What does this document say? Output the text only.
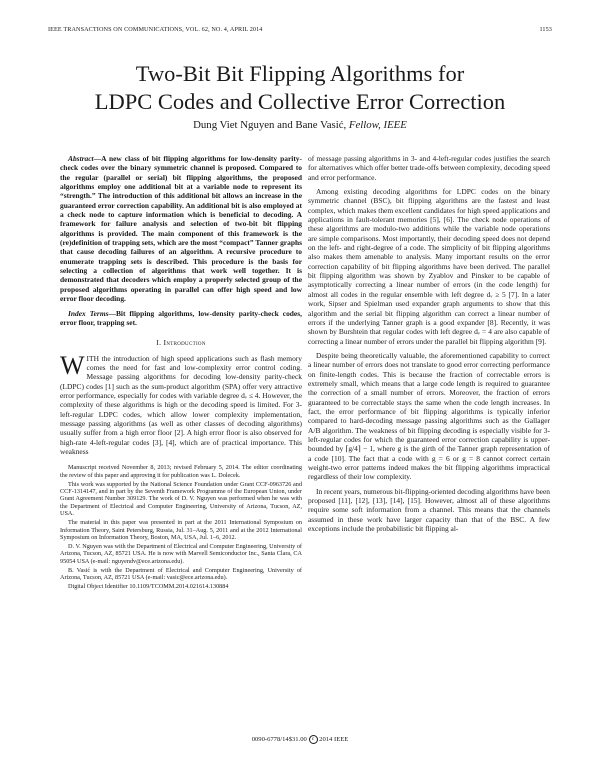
IEEE TRANSACTIONS ON COMMUNICATIONS, VOL. 62, NO. 4, APRIL 2014	1153
Two-Bit Bit Flipping Algorithms for
LDPC Codes and Collective Error Correction
Dung Viet Nguyen and Bane Vasić, Fellow, IEEE

Abstract—A new class of bit flipping algorithms for low-density parity-check codes over the binary symmetric channel is proposed. Compared to the regular (parallel or serial) bit flipping algorithms, the proposed algorithms employ one additional bit at a variable node to represent its “strength.” The introduction of this additional bit allows an increase in the guaranteed error correction capability. An additional bit is also employed at a check node to capture information which is beneficial to decoding. A framework for failure analysis and selection of two-bit bit flipping algorithms is provided. The main component of this framework is the (re)definition of trapping sets, which are the most “compact” Tanner graphs that cause decoding failures of an algorithm. A recursive procedure to enumerate trapping sets is described. This procedure is the basis for selecting a collection of algorithms that work well together. It is demonstrated that decoders which employ a properly selected group of the proposed algorithms operating in parallel can offer high speed and low error floor decoding.

Index Terms—Bit flipping algorithms, low-density parity-check codes, error floor, trapping set.

I. Introduction

WITH the introduction of high speed applications such as flash memory comes the need for fast and low-complexity error control coding. Message passing algorithms for decoding low-density parity-check (LDPC) codes [1] such as the sum-product algorithm (SPA) offer very attractive error performance, especially for codes with variable degree dᵥ ≤ 4. However, the complexity of these algorithms is high or the decoding speed is limited. For 3-left-regular LDPC codes, which allow lower complexity implementation, message passing algorithms (as well as other classes of decoding algorithms) usually suffer from a high error floor [2]. A high error floor is also observed for high-rate 4-left-regular codes [3], [4], which are of practical importance. This weakness

Manuscript received November 8, 2013; revised February 5, 2014. The editor coordinating the review of this paper and approving it for publication was L. Dolecek.

This work was supported by the National Science Foundation under Grant CCF-0963726 and CCF-1314147, and in part by the Seventh Framework Programme of the European Union, under Grant Agreement Number 309129. The work of D. V. Nguyen was performed when he was with the Department of Electrical and Computer Engineering, University of Arizona, Tucson, AZ, USA.

The material in this paper was presented in part at the 2011 International Symposium on Information Theory, Saint Petersburg, Russia, Jul. 31–Aug. 5, 2011 and at the 2012 International Symposium on Information Theory, Boston, MA, USA, Jul. 1–6, 2012.

D. V. Nguyen was with the Department of Electrical and Computer Engineering, University of Arizona, Tucson, AZ, 85721 USA. He is now with Marvell Semiconductor Inc., Santa Clara, CA 95054 USA (e-mail: nguyendv@ece.arizona.edu).

B. Vasić is with the Department of Electrical and Computer Engineering, University of Arizona, Tucson, AZ, 85721 USA (e-mail: vasic@ece.arizona.edu).

Digital Object Identifier 10.1109/TCOMM.2014.021614.130884

of message passing algorithms in 3- and 4-left-regular codes justifies the search for alternatives which offer better trade-offs between complexity, decoding speed and error performance.

Among existing decoding algorithms for LDPC codes on the binary symmetric channel (BSC), bit flipping algorithms are the fastest and least complex, which makes them excellent candidates for high speed applications and applications in fault-tolerant memories [5], [6]. The check node operations of these algorithms are modulo-two additions while the variable node operations are simple comparisons. Most importantly, their decoding speed does not depend on the left- and right-degree of a code. The simplicity of bit flipping algorithms also makes them amenable to analysis. Many important results on the error correction capability of bit flipping algorithms have been derived. The parallel bit flipping algorithm was shown by Zyablov and Pinsker to be capable of asymptotically correcting a linear number of errors (in the code length) for almost all codes in the regular ensemble with left degree dᵥ ≥ 5 [7]. In a later work, Sipser and Spielman used expander graph arguments to show that this algorithm and the serial bit flipping algorithm can correct a linear number of errors if the underlying Tanner graph is a good expander [8]. Recently, it was shown by Burshtein that regular codes with left degree dᵥ = 4 are also capable of correcting a linear number of errors under the parallel bit flipping algorithm [9].

Despite being theoretically valuable, the aforementioned capability to correct a linear number of errors does not translate to good error correcting performance on finite-length codes. This is because the fraction of correctable errors is extremely small, which means that a large code length is required to guarantee the correction of a small number of errors. Moreover, the fraction of errors guaranteed to be correctable stays the same when the code length increases. In fact, the error performance of bit flipping algorithms is typically inferior compared to hard-decoding message passing algorithms such as the Gallager A/B algorithm. The weakness of bit flipping decoding is especially visible for 3-left-regular codes for which the guaranteed error correction capability is upper-bounded by ⌈g/4⌉ − 1, where g is the girth of the Tanner graph representation of a code [10]. The fact that a code with g = 6 or g = 8 cannot correct certain weight-two error patterns indeed makes the bit flipping algorithms impractical regardless of their low complexity.

In recent years, numerous bit-flipping-oriented decoding algorithms have been proposed [11], [12], [13], [14], [15]. However, almost all of these algorithms require some soft information from a channel. This means that the channels assumed in these work have larger capacity than that of the BSC. A few exceptions include the probabilistic bit flipping al-

0090-6778/14$31.00 c 2014 IEEE
